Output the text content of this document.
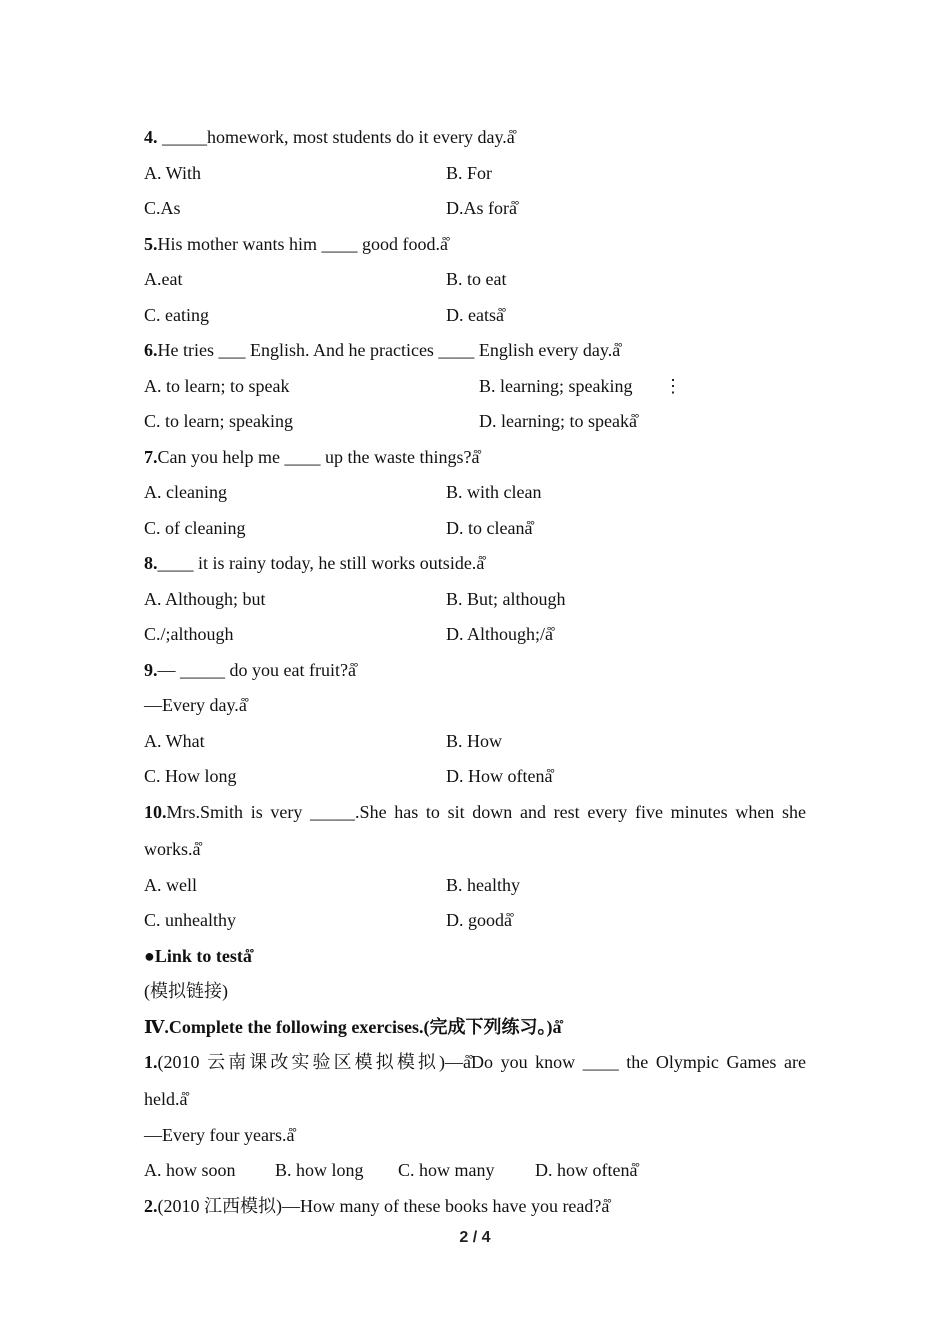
4. _____homework, most students do it every day.å̊
A. With	B. For
C.As	D.As forå̊
5.His mother wants him ____ good food.å̊
A.eat	B. to eat
C. eating	D. eatså̊
6.He tries ___ English. And he practices ____ English every day.å̊
A. to learn; to speak	B. learning; speaking ⋮
C. to learn; speaking	D. learning; to speakå̊
7.Can you help me ____ up the waste things?å̊
A. cleaning	B. with clean
C. of cleaning	D. to cleanå̊
8.____ it is rainy today, he still works outside.å̊
A. Although; but	B. But; although
C./;although	D. Although;/å̊
9.— _____ do you eat fruit?å̊
—Every day.å̊
A. What	B. How
C. How long	D. How oftenå̊
10.Mrs.Smith is very _____.She has to sit down and rest every five minutes when she
works.å̊
A. well	B. healthy
C. unhealthy	D. goodå̊
●Link to testå̊
(模拟链接)
Ⅳ.Complete the following exercises.(完成下列练习。)å̊
1.(2010 云南课改实验区模拟模拟)—å̊Do you know ____ the Olympic Games are
held.å̊
—Every four years.å̊
A. how soon B. how long C. how many D. how oftenå̊
2.(2010 江西模拟)—How many of these books have you read?å̊
2 / 4
